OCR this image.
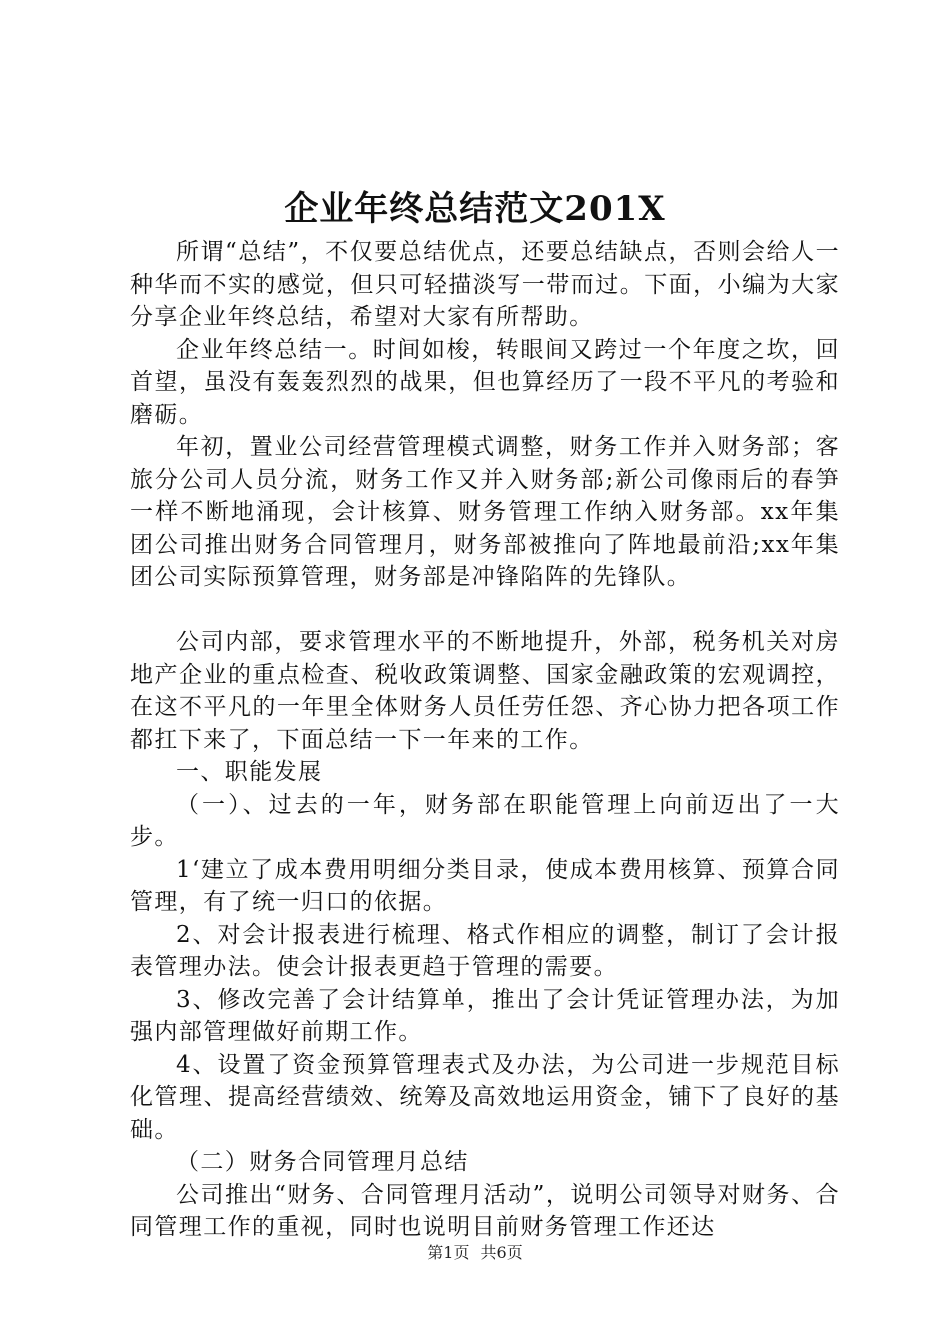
企业年终总结范文201X

所谓“总结”，不仅要总结优点，还要总结缺点，否则会给人一种华而不实的感觉，但只可轻描淡写一带而过。下面，小编为大家分享企业年终总结，希望对大家有所帮助。

企业年终总结一。时间如梭，转眼间又跨过一个年度之坎，回首望，虽没有轰轰烈烈的战果，但也算经历了一段不平凡的考验和磨砺。

年初，置业公司经营管理模式调整，财务工作并入财务部；客旅分公司人员分流，财务工作又并入财务部;新公司像雨后的春笋一样不断地涌现，会计核算、财务管理工作纳入财务部。xx年集团公司推出财务合同管理月，财务部被推向了阵地最前沿;xx年集团公司实际预算管理，财务部是冲锋陷阵的先锋队。

公司内部，要求管理水平的不断地提升，外部，税务机关对房地产企业的重点检查、税收政策调整、国家金融政策的宏观调控，在这不平凡的一年里全体财务人员任劳任怨、齐心协力把各项工作都扛下来了，下面总结一下一年来的工作。

一、职能发展

（一）、过去的一年，财务部在职能管理上向前迈出了一大步。

1‘建立了成本费用明细分类目录，使成本费用核算、预算合同管理，有了统一归口的依据。

2、对会计报表进行梳理、格式作相应的调整，制订了会计报表管理办法。使会计报表更趋于管理的需要。

3、修改完善了会计结算单，推出了会计凭证管理办法，为加强内部管理做好前期工作。

4、设置了资金预算管理表式及办法，为公司进一步规范目标化管理、提高经营绩效、统筹及高效地运用资金，铺下了良好的基础。

（二）财务合同管理月总结

公司推出“财务、合同管理月活动”，说明公司领导对财务、合同管理工作的重视，同时也说明目前财务管理工作还达

第1页 共6页
